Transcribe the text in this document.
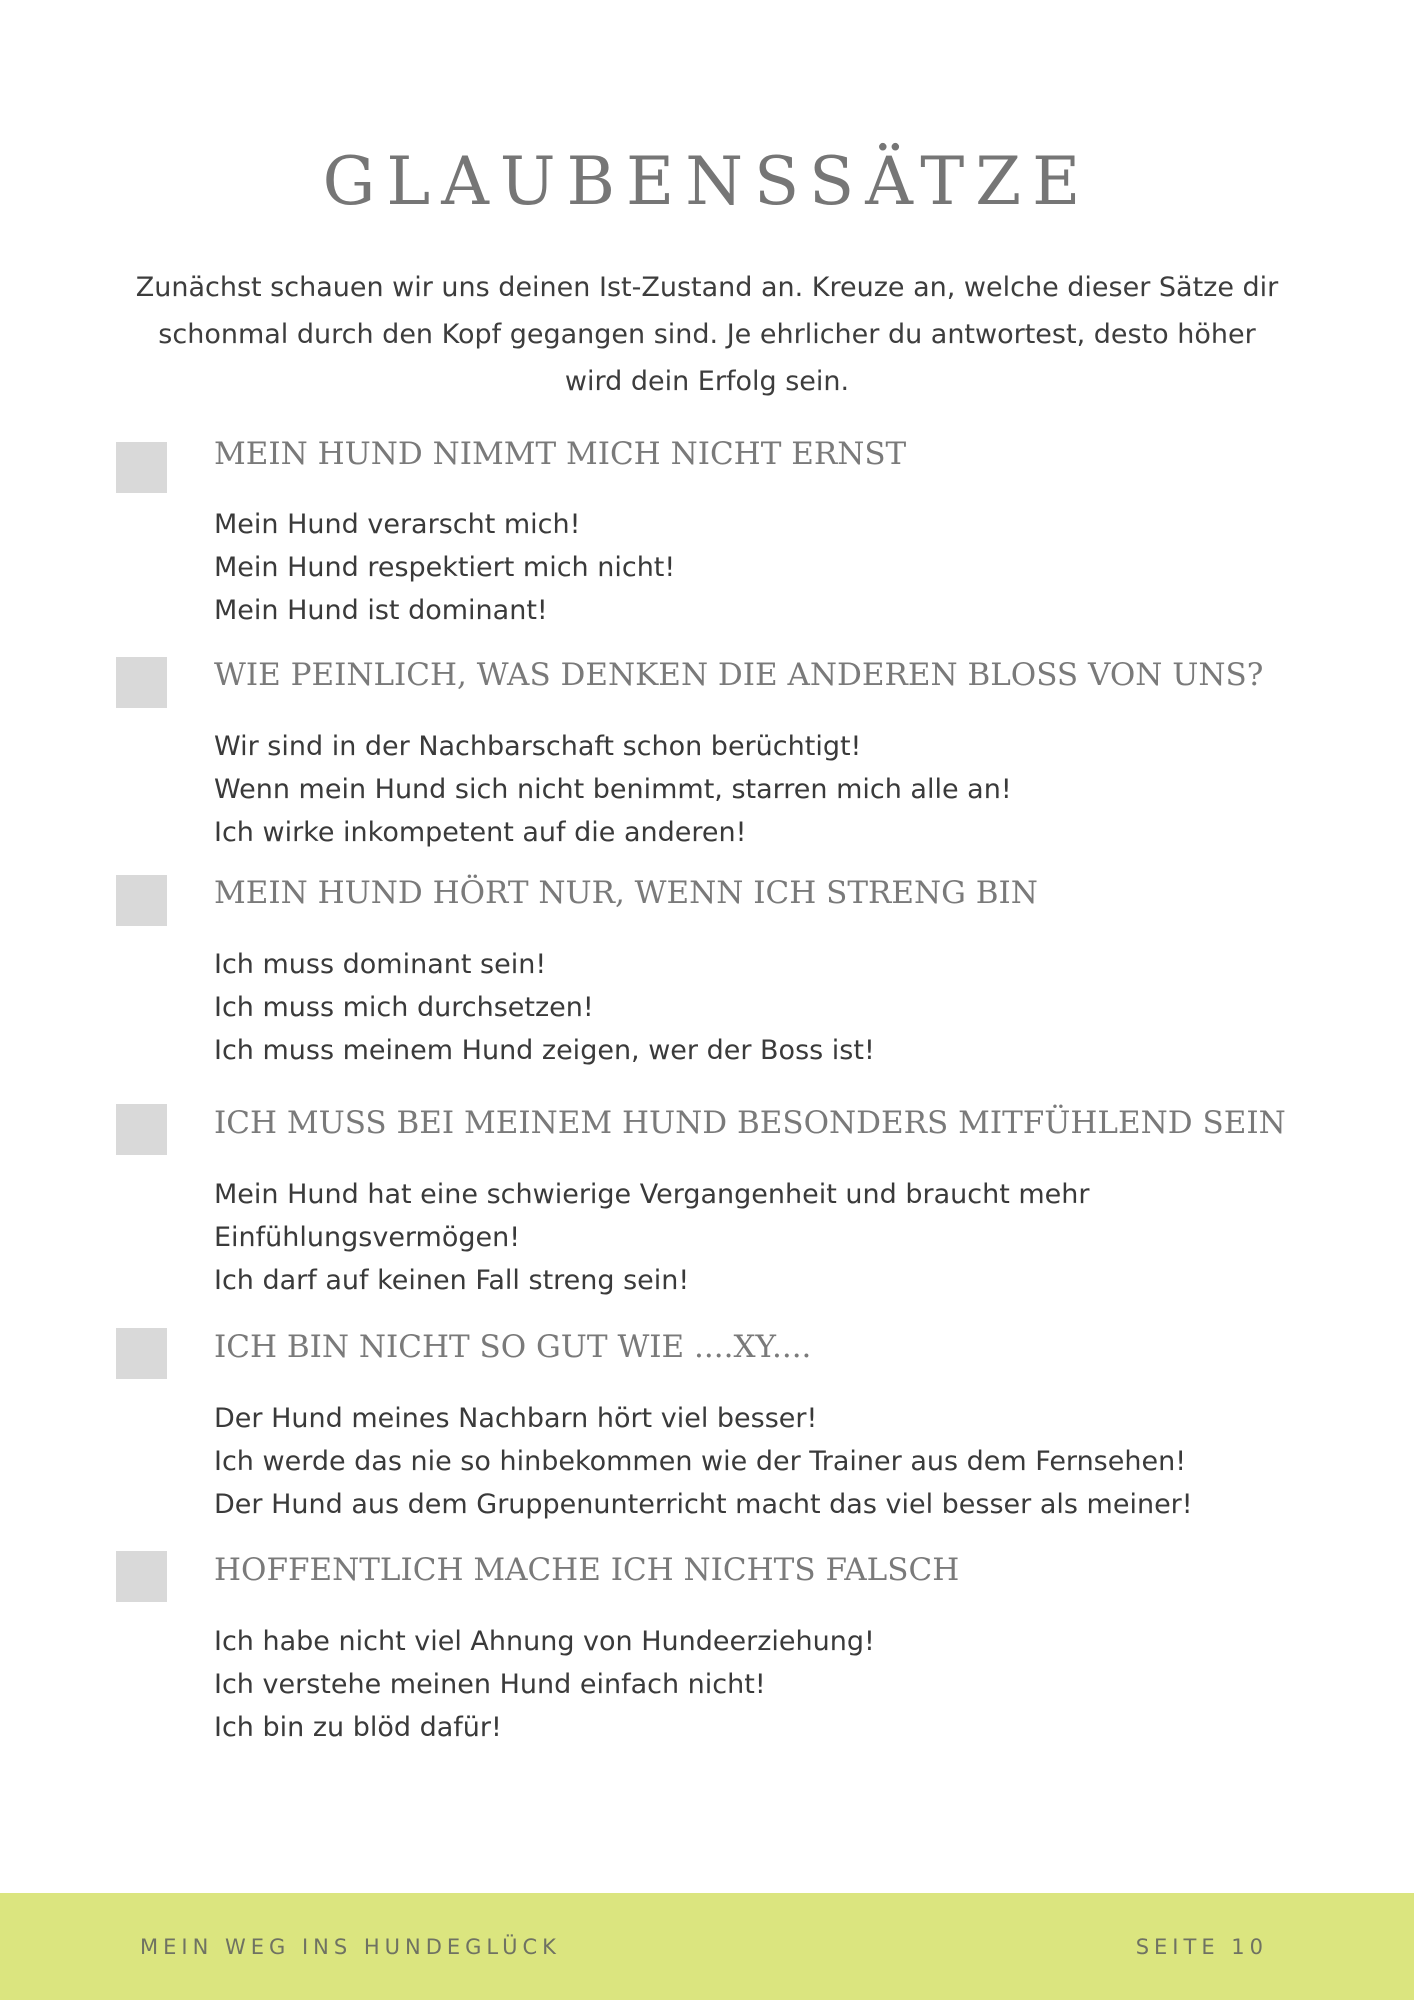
GLAUBENSSÄTZE

Zunächst schauen wir uns deinen Ist-Zustand an. Kreuze an, welche dieser Sätze dir schonmal durch den Kopf gegangen sind. Je ehrlicher du antwortest, desto höher wird dein Erfolg sein.

MEIN HUND NIMMT MICH NICHT ERNST
Mein Hund verarscht mich!
Mein Hund respektiert mich nicht!
Mein Hund ist dominant!
WIE PEINLICH, WAS DENKEN DIE ANDEREN BLOSS VON UNS?
Wir sind in der Nachbarschaft schon berüchtigt!
Wenn mein Hund sich nicht benimmt, starren mich alle an!
Ich wirke inkompetent auf die anderen!
MEIN HUND HÖRT NUR, WENN ICH STRENG BIN
Ich muss dominant sein!
Ich muss mich durchsetzen!
Ich muss meinem Hund zeigen, wer der Boss ist!
ICH MUSS BEI MEINEM HUND BESONDERS MITFÜHLEND SEIN
Mein Hund hat eine schwierige Vergangenheit und braucht mehr
Einfühlungsvermögen!
Ich darf auf keinen Fall streng sein!
ICH BIN NICHT SO GUT WIE ....XY....
Der Hund meines Nachbarn hört viel besser!
Ich werde das nie so hinbekommen wie der Trainer aus dem Fernsehen!
Der Hund aus dem Gruppenunterricht macht das viel besser als meiner!
HOFFENTLICH MACHE ICH NICHTS FALSCH
Ich habe nicht viel Ahnung von Hundeerziehung!
Ich verstehe meinen Hund einfach nicht!
Ich bin zu blöd dafür!
MEIN WEG INS HUNDEGLÜCK	SEITE 10
